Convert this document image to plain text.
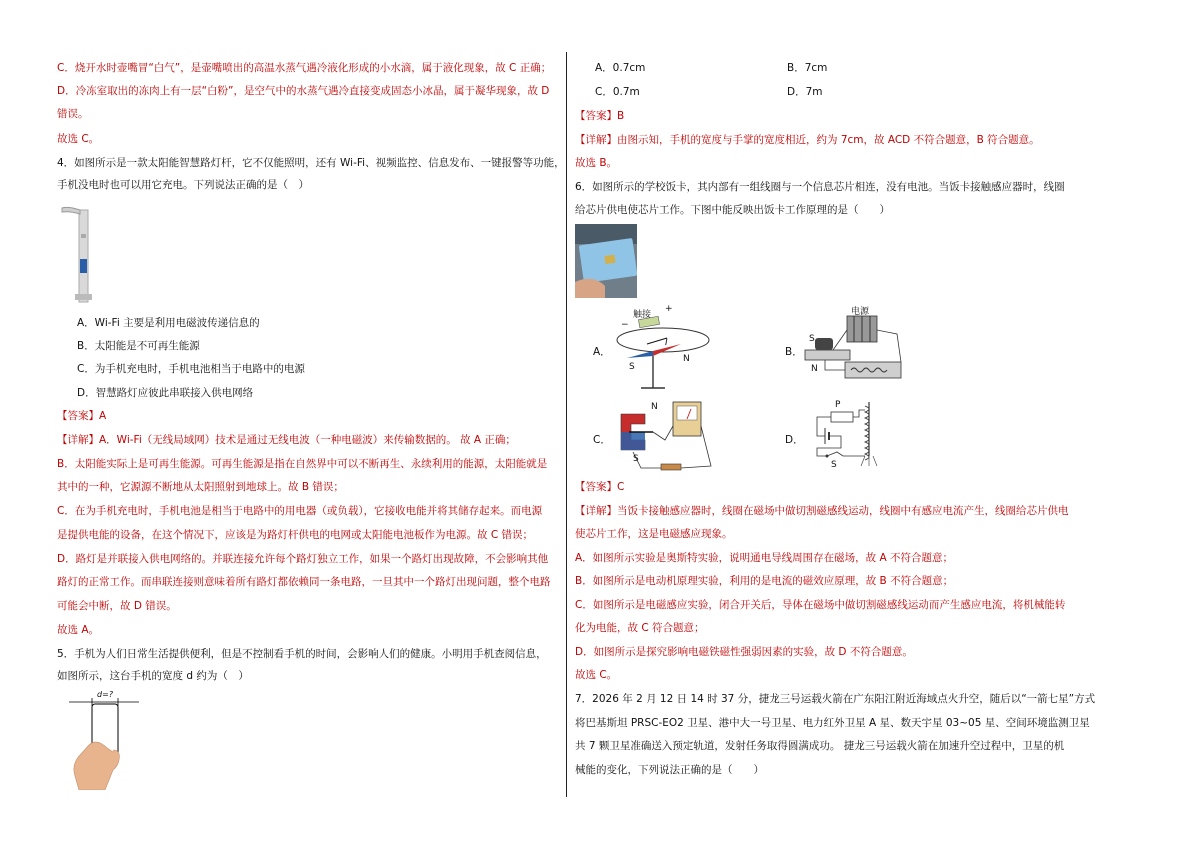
C．烧开水时壶嘴冒“白气”，是壶嘴喷出的高温水蒸气遇冷液化形成的小水滴，属于液化现象，故 C 正确；
D．冷冻室取出的冻肉上有一层“白粉”，是空气中的水蒸气遇冷直接变成固态小冰晶，属于凝华现象，故 D
错误。
故选 C。
4．如图所示是一款太阳能智慧路灯杆，它不仅能照明，还有 Wi-Fi、视频监控、信息发布、一键报警等功能，
手机没电时也可以用它充电。下列说法正确的是（　）
A．Wi-Fi 主要是利用电磁波传递信息的
B．太阳能是不可再生能源
C．为手机充电时，手机电池相当于电路中的电源
D．智慧路灯应彼此串联接入供电网络
【答案】A
【详解】A．Wi-Fi（无线局域网）技术是通过无线电波（一种电磁波）来传输数据的。 故 A 正确；
B．太阳能实际上是可再生能源。可再生能源是指在自然界中可以不断再生、永续利用的能源，太阳能就是
其中的一种，它源源不断地从太阳照射到地球上。故 B 错误；
C．在为手机充电时，手机电池是相当于电路中的用电器（或负载），它接收电能并将其储存起来。而电源
是提供电能的设备，在这个情况下，应该是为路灯杆供电的电网或太阳能电池板作为电源。故 C 错误；
D．路灯是并联接入供电网络的。并联连接允许每个路灯独立工作，如果一个路灯出现故障，不会影响其他
路灯的正常工作。而串联连接则意味着所有路灯都依赖同一条电路，一旦其中一个路灯出现问题，整个电路
可能会中断，故 D 错误。
故选 A。
5．手机为人们日常生活提供便利，但是不控制看手机的时间，会影响人们的健康。小明用手机查阅信息，
如图所示，这台手机的宽度 d 约为（　）
d=?
A．0.7cm	B．7cm
C．0.7m	D．7m
【答案】B
【详解】由图示知，手机的宽度与手掌的宽度相近，约为 7cm，故 ACD 不符合题意，B 符合题意。
故选 B。
6．如图所示的学校饭卡，其内部有一组线圈与一个信息芯片相连，没有电池。当饭卡接触感应器时，线圈
给芯片供电使芯片工作。下图中能反映出饭卡工作原理的是（　　）
A．
触接
+
−
I
S
N
B．
电源
S
N
C．
N
S
D．
P
S
【答案】C
【详解】当饭卡接触感应器时，线圈在磁场中做切割磁感线运动，线圈中有感应电流产生，线圈给芯片供电
使芯片工作，这是电磁感应现象。
A．如图所示实验是奥斯特实验，说明通电导线周围存在磁场，故 A 不符合题意；
B．如图所示是电动机原理实验，利用的是电流的磁效应原理，故 B 不符合题意；
C．如图所示是电磁感应实验，闭合开关后，导体在磁场中做切割磁感线运动而产生感应电流，将机械能转
化为电能，故 C 符合题意；
D．如图所示是探究影响电磁铁磁性强弱因素的实验，故 D 不符合题意。
故选 C。
7．2026 年 2 月 12 日 14 时 37 分，捷龙三号运载火箭在广东阳江附近海域点火升空，随后以“一箭七星”方式
将巴基斯坦 PRSC-EO2 卫星、港中大一号卫星、电力红外卫星 A 星、数天宇星 03~05 星、空间环境监测卫星
共 7 颗卫星准确送入预定轨道，发射任务取得圆满成功。 捷龙三号运载火箭在加速升空过程中，卫星的机
械能的变化，下列说法正确的是（　　）
